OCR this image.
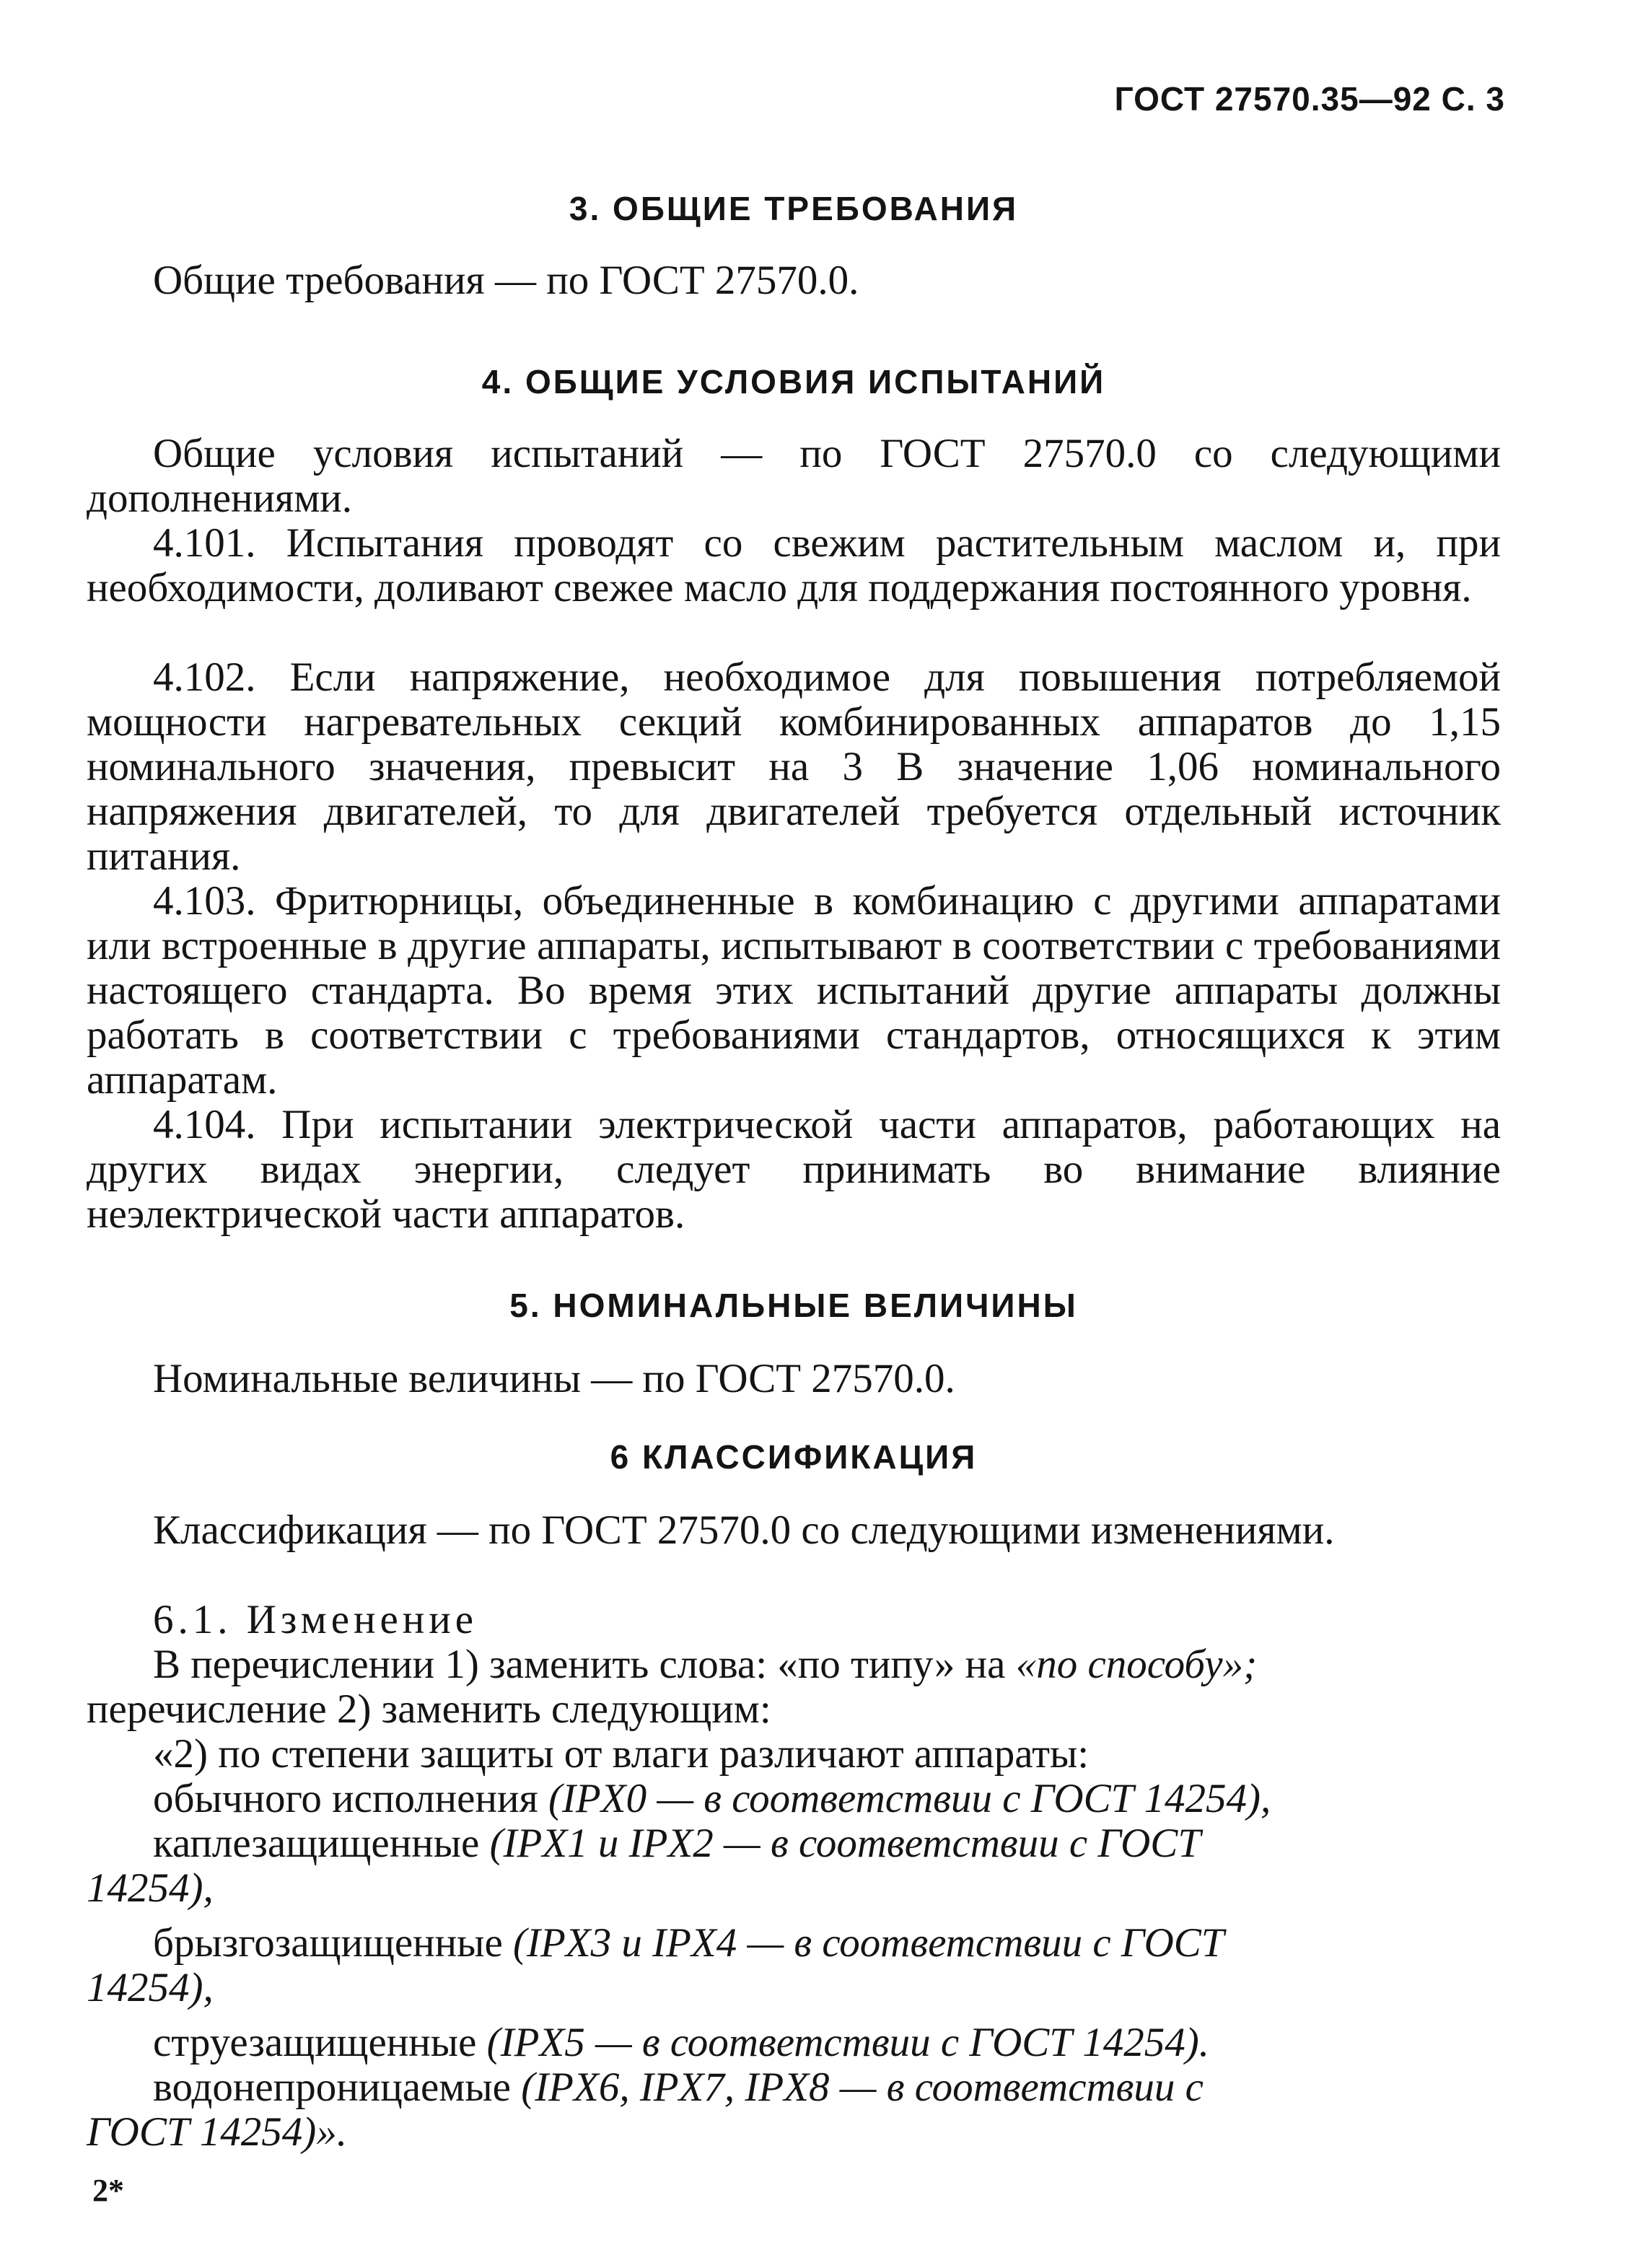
ГОСТ 27570.35—92 С. 3
3. ОБЩИЕ ТРЕБОВАНИЯ

Общие требования — по ГОСТ 27570.0.

4. ОБЩИЕ УСЛОВИЯ ИСПЫТАНИЙ

Общие условия испытаний — по ГОСТ 27570.0 со следующими дополнениями.

4.101. Испытания проводят со свежим растительным маслом и, при необходимости, доливают свежее масло для поддержания постоянного уровня.

4.102. Если напряжение, необходимое для повышения потребляемой мощности нагревательных секций комбинированных аппаратов до 1,15 номинального значения, превысит на 3 В значение 1,06 номинального напряжения двигателей, то для двигателей требуется отдельный источник питания.

4.103. Фритюрницы, объединенные в комбинацию с другими аппаратами или встроенные в другие аппараты, испытывают в соответствии с требованиями настоящего стандарта. Во время этих испытаний другие аппараты должны работать в соответствии с требованиями стандартов, относящихся к этим аппаратам.

4.104. При испытании электрической части аппаратов, работающих на других видах энергии, следует принимать во внимание влияние неэлектрической части аппаратов.

5. НОМИНАЛЬНЫЕ ВЕЛИЧИНЫ

Номинальные величины — по ГОСТ 27570.0.

6 КЛАССИФИКАЦИЯ

Классификация — по ГОСТ 27570.0 со следующими изменениями.

6.1. Изменение

В перечислении 1) заменить слова: «по типу» на «по способу»;

перечисление 2) заменить следующим:

«2) по степени защиты от влаги различают аппараты:

обычного исполнения (IPX0 — в соответствии с ГОСТ 14254),

каплезащищенные (IPX1 и IPX2 — в соответствии с ГОСТ

14254),

брызгозащищенные (IPX3 и IPX4 — в соответствии с ГОСТ

14254),

струезащищенные (IPX5 — в соответствии с ГОСТ 14254).

водонепроницаемые (IPX6, IPX7, IPX8 — в соответствии с

ГОСТ 14254)».

2*
